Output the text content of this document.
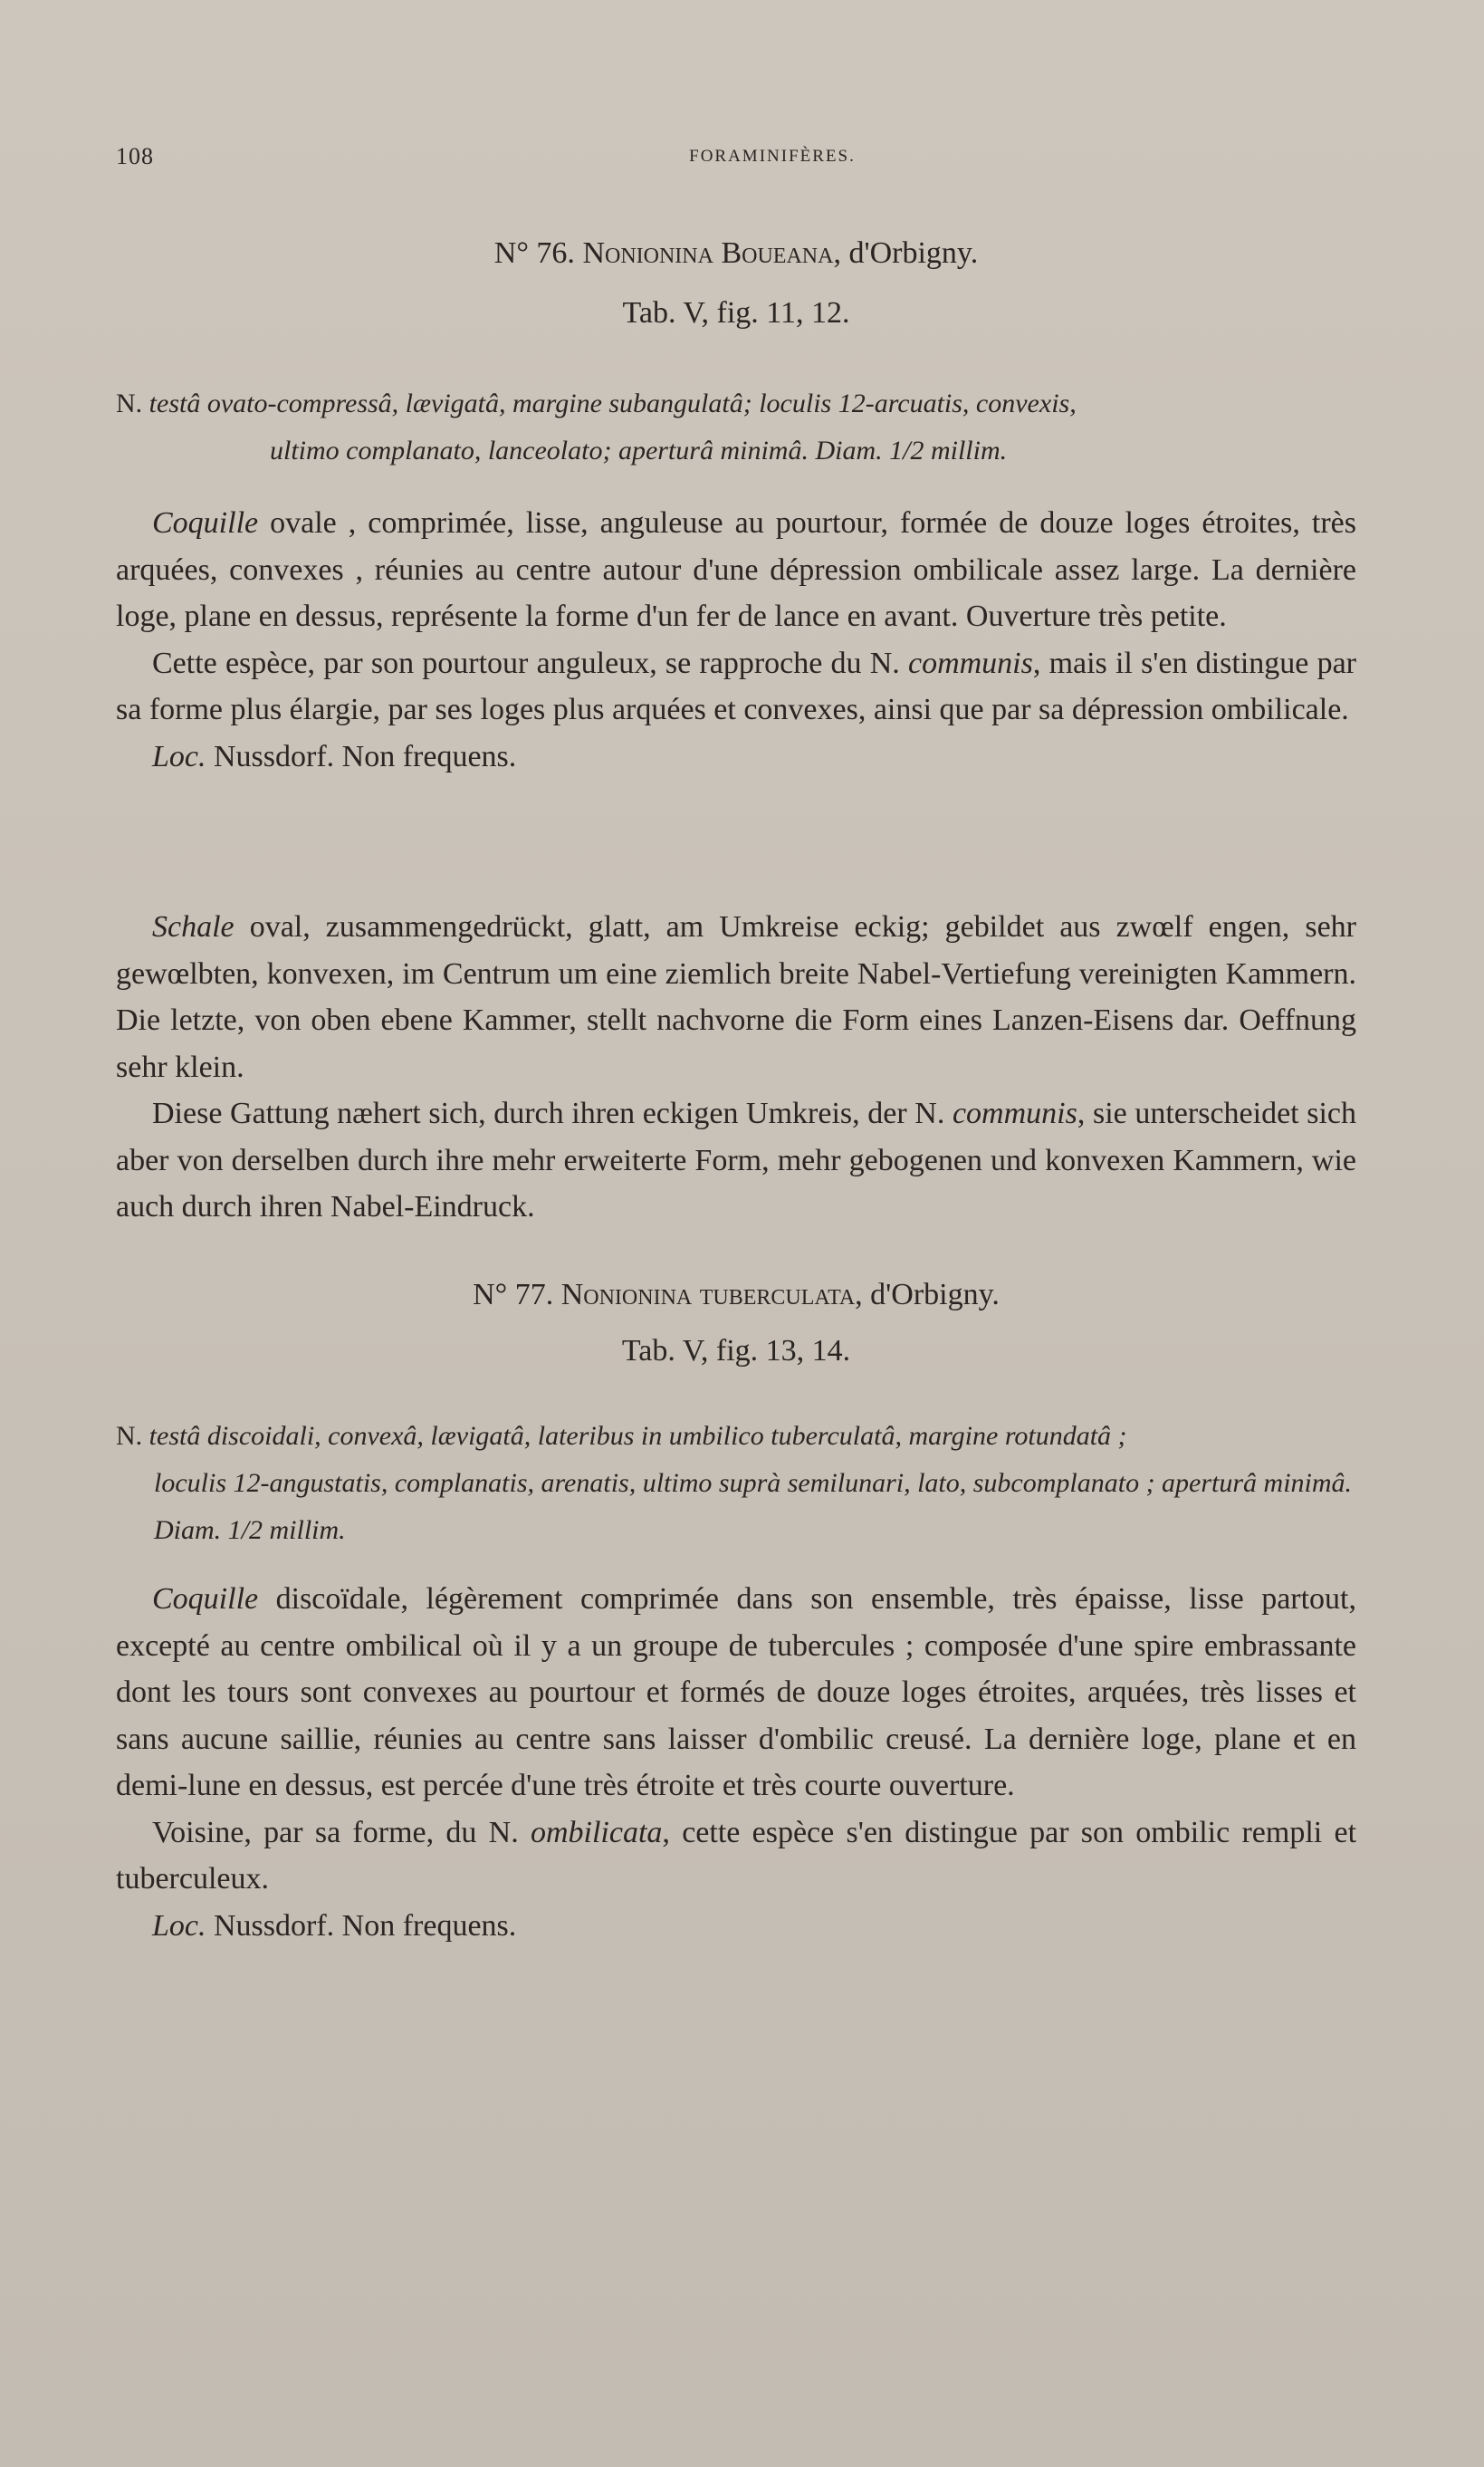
108	FORAMINIFÈRES.
N° 76. Nonionina Boueana, d'Orbigny.
Tab. V, fig. 11, 12.
N. testâ ovato-compressâ, lævigatâ, margine subangulatâ; loculis 12-arcuatis, convexis,
ultimo complanato, lanceolato; aperturâ minimâ. Diam. 1/2 millim.

Coquille ovale , comprimée, lisse, anguleuse au pourtour, formée de douze loges étroites, très arquées, convexes , réunies au centre autour d'une dépression ombilicale assez large. La dernière loge, plane en dessus, représente la forme d'un fer de lance en avant. Ouverture très petite.

Cette espèce, par son pourtour anguleux, se rapproche du N. communis, mais il s'en distingue par sa forme plus élargie, par ses loges plus arquées et convexes, ainsi que par sa dépression ombilicale.

Loc. Nussdorf. Non frequens.

Schale oval, zusammengedrückt, glatt, am Umkreise eckig; gebildet aus zwœlf engen, sehr gewœlbten, konvexen, im Centrum um eine ziemlich breite Nabel-Vertiefung vereinigten Kammern. Die letzte, von oben ebene Kammer, stellt nachvorne die Form eines Lanzen-Eisens dar. Oeffnung sehr klein.

Diese Gattung næhert sich, durch ihren eckigen Umkreis, der N. communis, sie unterscheidet sich aber von derselben durch ihre mehr erweiterte Form, mehr gebogenen und konvexen Kammern, wie auch durch ihren Nabel-Eindruck.

N° 77. Nonionina tuberculata, d'Orbigny.
Tab. V, fig. 13, 14.
N. testâ discoidali, convexâ, lævigatâ, lateribus in umbilico tuberculatâ, margine rotundatâ ;
loculis 12-angustatis, complanatis, arenatis, ultimo suprà semilunari, lato, subcomplanato ; aperturâ minimâ. Diam. 1/2 millim.

Coquille discoïdale, légèrement comprimée dans son ensemble, très épaisse, lisse partout, excepté au centre ombilical où il y a un groupe de tubercules ; composée d'une spire embrassante dont les tours sont convexes au pourtour et formés de douze loges étroites, arquées, très lisses et sans aucune saillie, réunies au centre sans laisser d'ombilic creusé. La dernière loge, plane et en demi-lune en dessus, est percée d'une très étroite et très courte ouverture.

Voisine, par sa forme, du N. ombilicata, cette espèce s'en distingue par son ombilic rempli et tuberculeux.

Loc. Nussdorf. Non frequens.
